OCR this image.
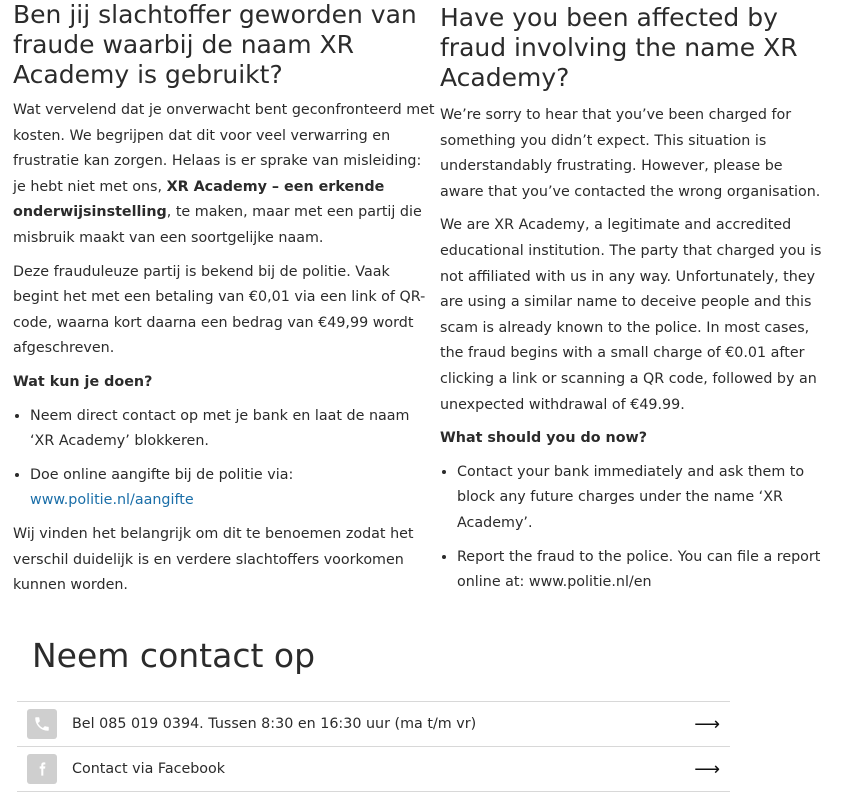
Ben jij slachtoffer geworden van fraude waarbij de naam XR Academy is gebruikt?

Wat vervelend dat je onverwacht bent geconfronteerd met kosten. We begrijpen dat dit voor veel verwarring en frustratie kan zorgen. Helaas is er sprake van misleiding: je hebt niet met ons, XR Academy – een erkende onderwijsinstelling, te maken, maar met een partij die misbruik maakt van een soortgelijke naam.

Deze frauduleuze partij is bekend bij de politie. Vaak begint het met een betaling van €0,01 via een link of QR-code, waarna kort daarna een bedrag van €49,99 wordt afgeschreven.

Wat kun je doen?
• Neem direct contact op met je bank en laat de naam ‘XR Academy’ blokkeren.
• Doe online aangifte bij de politie via:
www.politie.nl/aangifte

Wij vinden het belangrijk om dit te benoemen zodat het verschil duidelijk is en verdere slachtoffers voorkomen kunnen worden.

Have you been affected by fraud involving the name XR Academy?

We’re sorry to hear that you’ve been charged for something you didn’t expect. This situation is understandably frustrating. However, please be aware that you’ve contacted the wrong organisation.

We are XR Academy, a legitimate and accredited educational institution. The party that charged you is not affiliated with us in any way. Unfortunately, they are using a similar name to deceive people and this scam is already known to the police. In most cases, the fraud begins with a small charge of €0.01 after clicking a link or scanning a QR code, followed by an unexpected withdrawal of €49.99.

What should you do now?
• Contact your bank immediately and ask them to block any future charges under the name ‘XR Academy’.
• Report the fraud to the police. You can file a report online at: www.politie.nl/en
Neem contact op
Bel 085 019 0394. Tussen 8:30 en 16:30 uur (ma t/m vr)	⟶
Contact via Facebook	⟶
